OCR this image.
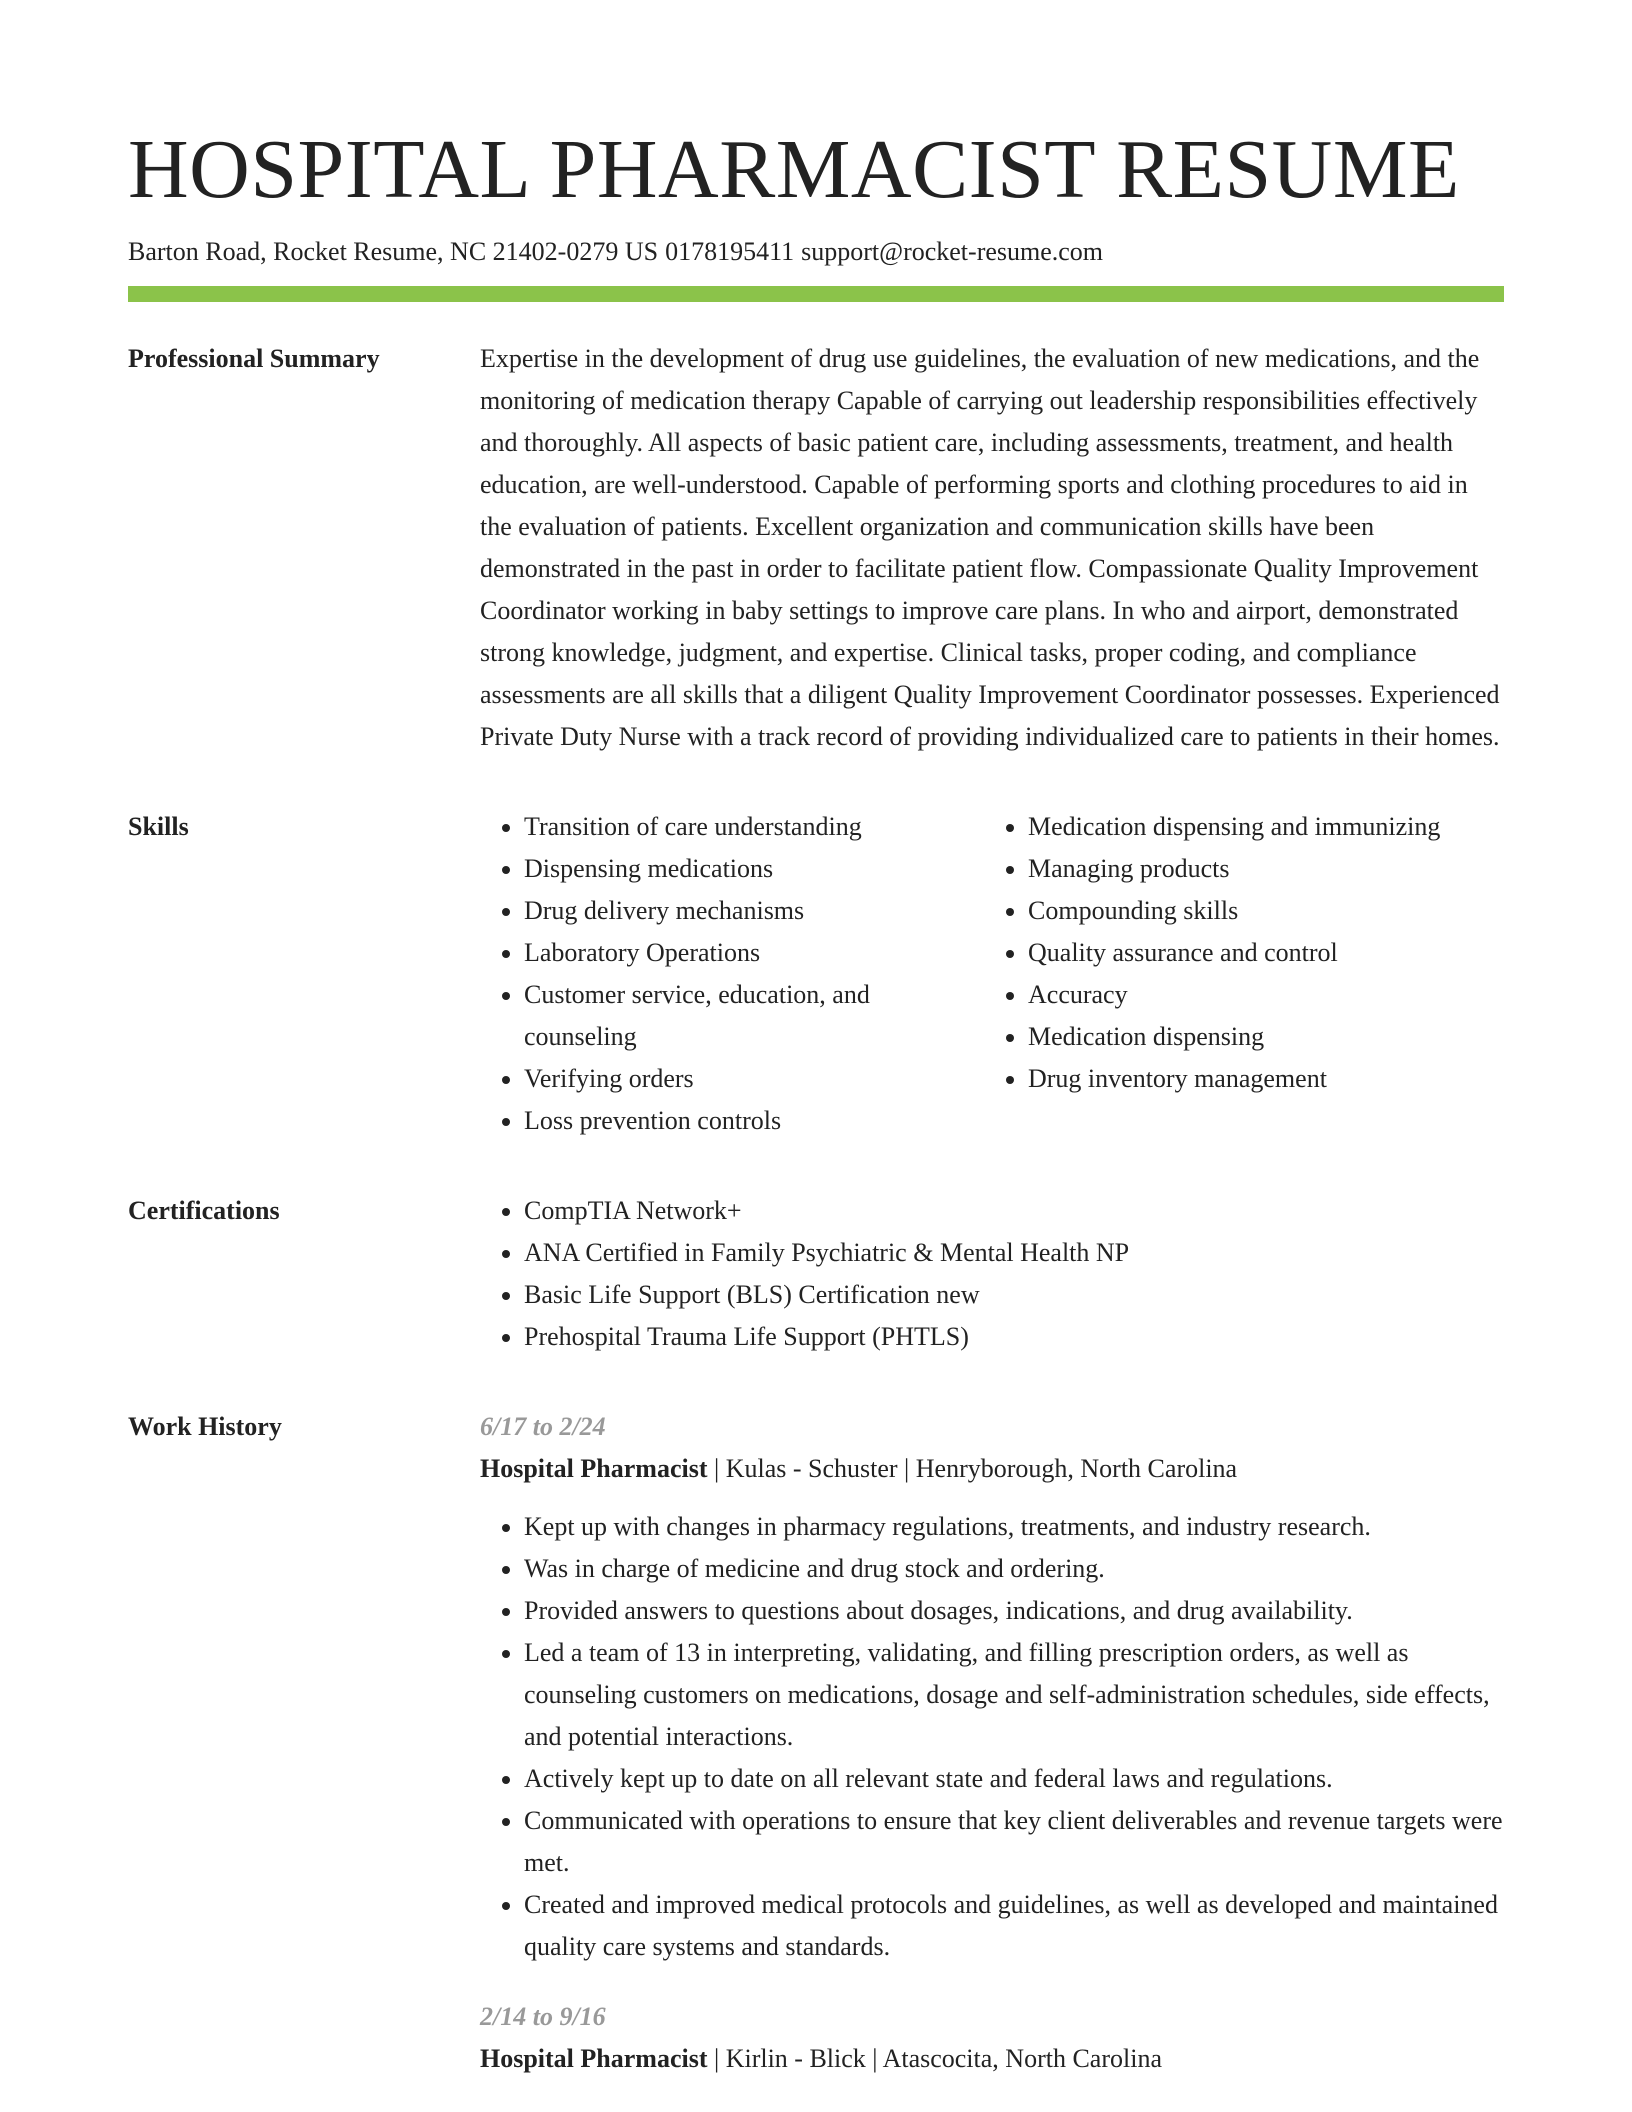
HOSPITAL PHARMACIST RESUME
Barton Road, Rocket Resume, NC 21402-0279 US 0178195411 support@rocket-resume.com
Professional Summary	Expertise in the development of drug use guidelines, the evaluation of new medications, and the monitoring of medication therapy Capable of carrying out leadership responsibilities effectively and thoroughly. All aspects of basic patient care, including assessments, treatment, and health education, are well-understood. Capable of performing sports and clothing procedures to aid in the evaluation of patients. Excellent organization and communication skills have been demonstrated in the past in order to facilitate patient flow. Compassionate Quality Improvement Coordinator working in baby settings to improve care plans. In who and airport, demonstrated strong knowledge, judgment, and expertise. Clinical tasks, proper coding, and compliance assessments are all skills that a diligent Quality Improvement Coordinator possesses. Experienced Private Duty Nurse with a track record of providing individualized care to patients in their homes.

Skills	• Transition of care understanding
• Dispensing medications
• Drug delivery mechanisms
• Laboratory Operations
• Customer service, education, and counseling
• Verifying orders
• Loss prevention controls
• Medication dispensing and immunizing
• Managing products
• Compounding skills
• Quality assurance and control
• Accuracy
• Medication dispensing
• Drug inventory management
Certifications	• CompTIA Network+
• ANA Certified in Family Psychiatric & Mental Health NP
• Basic Life Support (BLS) Certification new
• Prehospital Trauma Life Support (PHTLS)
Work History	6/17 to 2/24
Hospital Pharmacist | Kulas - Schuster | Henryborough, North Carolina
• Kept up with changes in pharmacy regulations, treatments, and industry research.
• Was in charge of medicine and drug stock and ordering.
• Provided answers to questions about dosages, indications, and drug availability.
• Led a team of 13 in interpreting, validating, and filling prescription orders, as well as counseling customers on medications, dosage and self-administration schedules, side effects, and potential interactions.
• Actively kept up to date on all relevant state and federal laws and regulations.
• Communicated with operations to ensure that key client deliverables and revenue targets were met.
• Created and improved medical protocols and guidelines, as well as developed and maintained quality care systems and standards.
2/14 to 9/16
Hospital Pharmacist | Kirlin - Blick | Atascocita, North Carolina
